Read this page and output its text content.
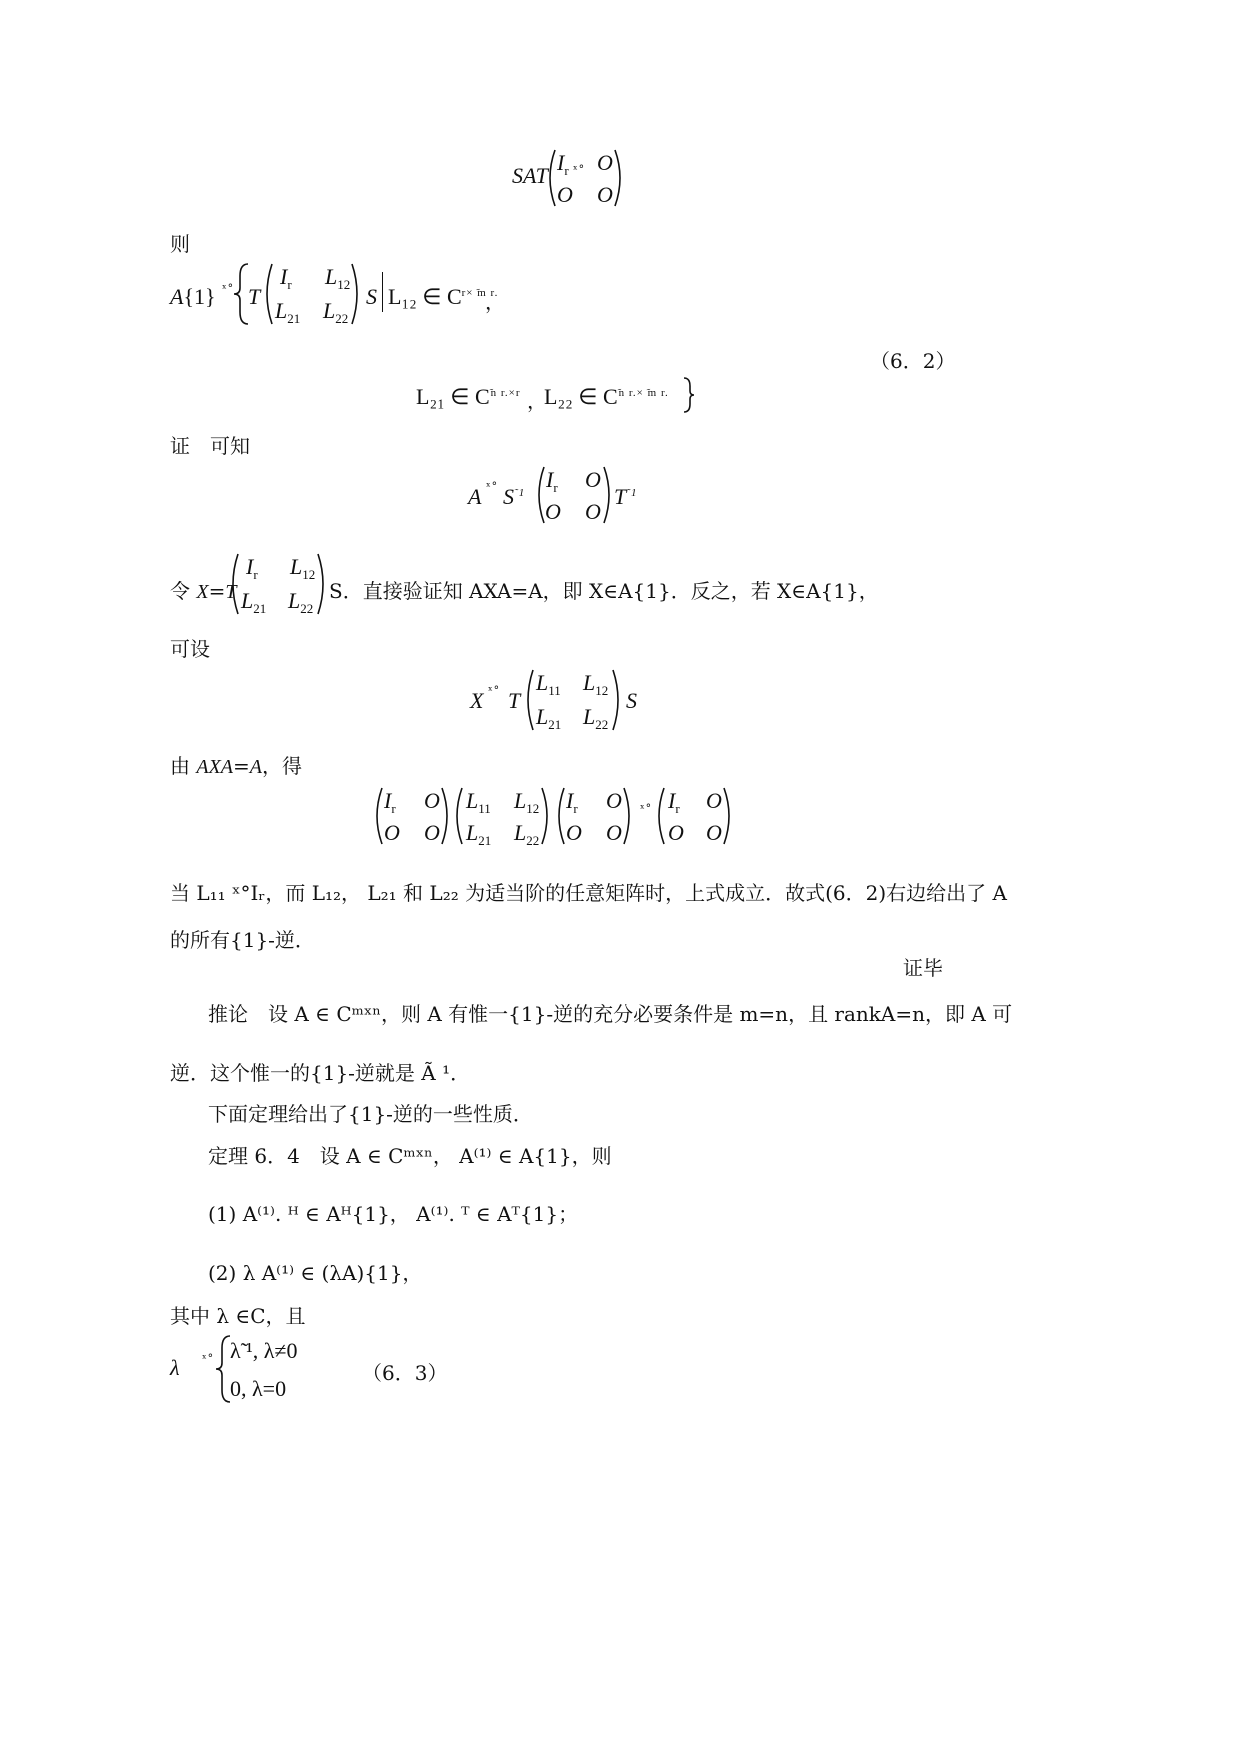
SAT ˣ°
$I_r$ O
O O
则
A{1} ˣ° T
$I_r$ $L_{12}$
$L_{21}$ $L_{22}$
S L₁₂ ∈ $C^{r\times ̃m r.}$
，
（6．2）
L₂₁ ∈ $C^{̃n r.\times r}$ ，
L₂₂ ∈ $C^{̃n r.\times ̃m r.}$
证　可知
A ˣ° $S^{̃ 1}$
$I_r$ O
O O
$T^{̃ 1}$
令 X=T
$I_r$ $L_{12}$
$L_{21}$ $L_{22}$
S．直接验证知 AXA=A，即 X∈A{1}．反之，若 X∈A{1}，
可设
X ˣ° T
$L_{11}$ $L_{12}$
$L_{21}$ $L_{22}$
S
由 AXA=A，得
$I_r$ O
O O
$L_{11}$ $L_{12}$
$L_{21}$ $L_{22}$
$I_r$ O
O O
ˣ° $I_r$ O
O O
当 L₁₁ ˣ°Iᵣ，而 L₁₂， L₂₁ 和 L₂₂ 为适当阶的任意矩阵时，上式成立．故式(6．2)右边给出了 A
的所有{1}-逆．
证毕
推论　设 A ∈ Cᵐˣⁿ，则 A 有惟一{1}-逆的充分必要条件是 m=n，且 rankA=n，即 A 可
逆．这个惟一的{1}-逆就是 Ã ¹．
下面定理给出了{1}-逆的一些性质．
定理 6．4　设 A ∈ Cᵐˣⁿ， A⁽¹⁾ ∈ A{1}，则
(1) A⁽¹⁾. ᴴ ∈ Aᴴ{1}， A⁽¹⁾. ᵀ ∈ Aᵀ{1}；
(2) λ A⁽¹⁾ ∈ (λA){1}，
其中 λ ∈C，且
λ ˣ° λ̃ ¹, λ≠0
0, λ=0
（6．3）
